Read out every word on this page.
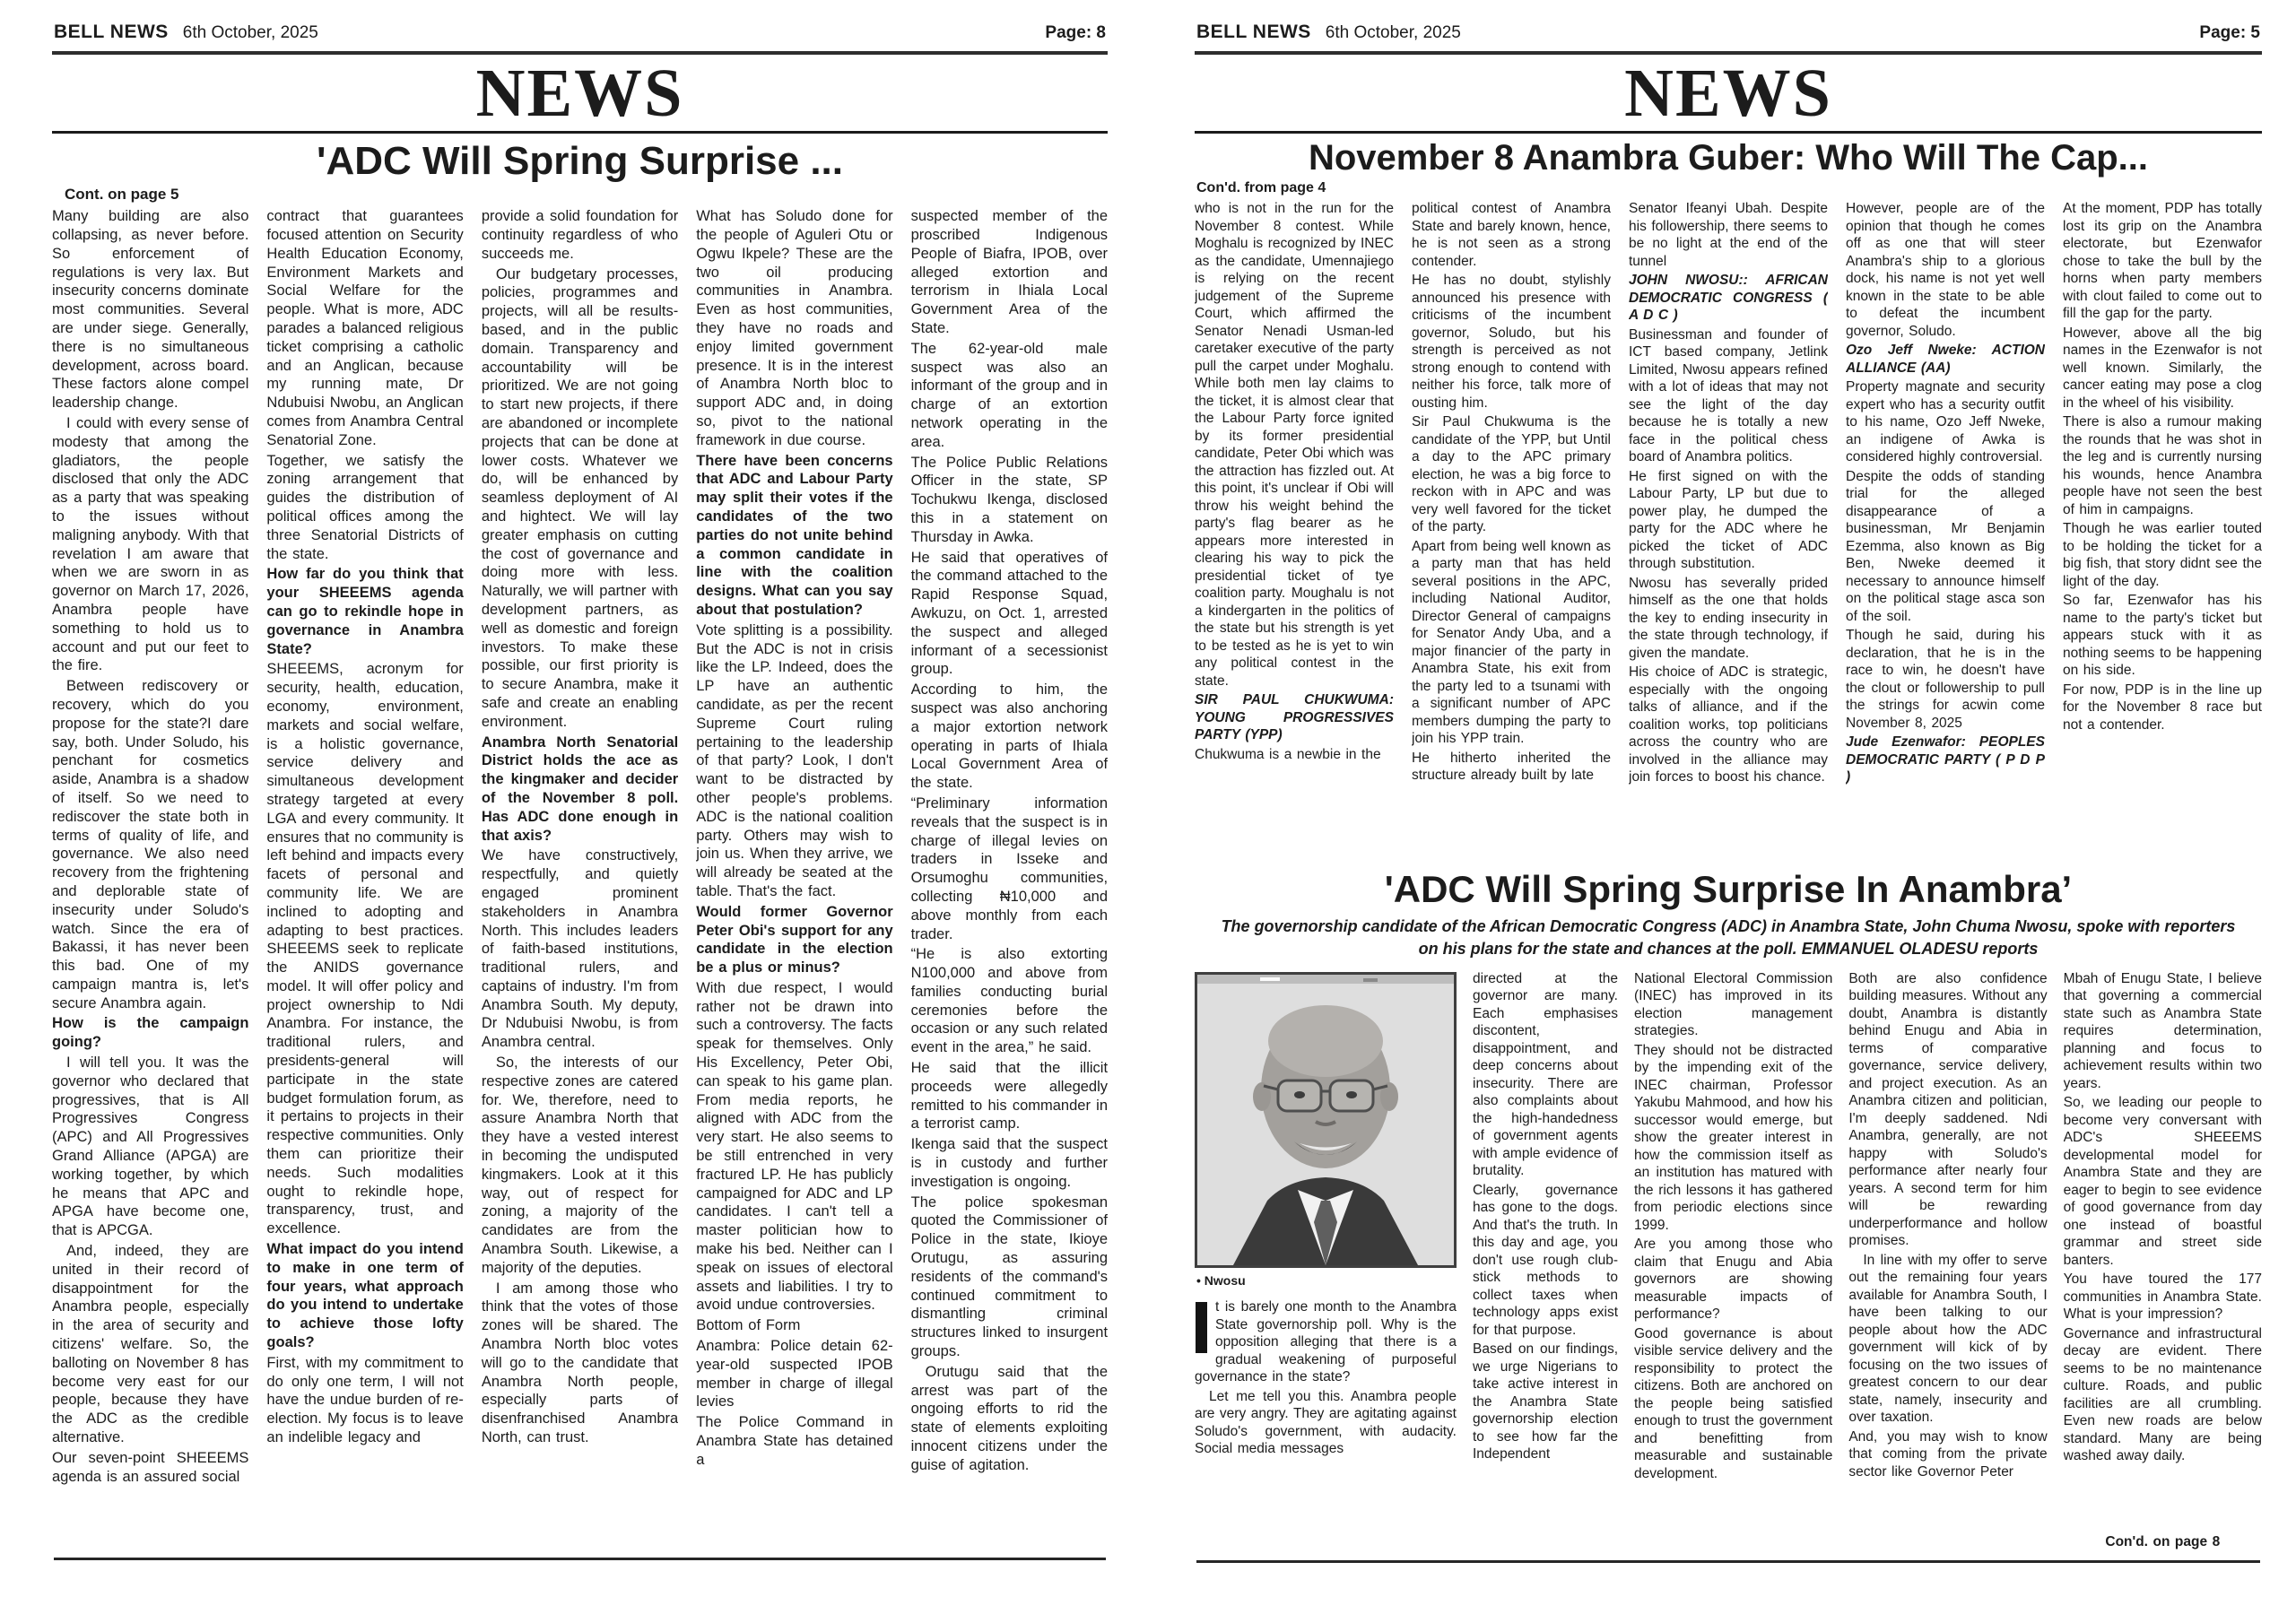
BELL NEWS 6th October, 2025	Page: 8
NEWS
'ADC Will Spring Surprise ...
Cont. on page 5

Many building are also collapsing, as never before. So enforcement of regulations is very lax. But insecurity concerns dominate most communities. Several are under siege. Generally, there is no simultaneous development, across board. These factors alone compel leadership change.

I could with every sense of modesty that among the gladiators, the people disclosed that only the ADC as a party that was speaking to the issues without maligning anybody. With that revelation I am aware that when we are sworn in as governor on March 17, 2026, Anambra people have something to hold us to account and put our feet to the fire.

Between rediscovery or recovery, which do you propose for the state?I dare say, both. Under Soludo, his penchant for cosmetics aside, Anambra is a shadow of itself. So we need to rediscover the state both in terms of quality of life, and governance. We also need recovery from the frightening and deplorable state of insecurity under Soludo's watch. Since the era of Bakassi, it has never been this bad. One of my campaign mantra is, let's secure Anambra again.

How is the campaign going?

I will tell you. It was the governor who declared that progressives, that is All Progressives Congress (APC) and All Progressives Grand Alliance (APGA) are working together, by which he means that APC and APGA have become one, that is APCGA.

And, indeed, they are united in their record of disappointment for the Anambra people, especially in the area of security and citizens' welfare. So, the balloting on November 8 has become very east for our people, because they have the ADC as the credible alternative.

Our seven-point SHEEEMS agenda is an assured social

contract that guarantees focused attention on Security Health Education Economy, Environment Markets and Social Welfare for the people. What is more, ADC parades a balanced religious ticket comprising a catholic and an Anglican, because my running mate, Dr Ndubuisi Nwobu, an Anglican comes from Anambra Central Senatorial Zone.

Together, we satisfy the zoning arrangement that guides the distribution of political offices among the three Senatorial Districts of the state.

How far do you think that your SHEEEMS agenda can go to rekindle hope in governance in Anambra State?

SHEEEMS, acronym for security, health, education, economy, environment, markets and social welfare, is a holistic governance, service delivery and simultaneous development strategy targeted at every LGA and every community. It ensures that no community is left behind and impacts every facets of personal and community life. We are inclined to adopting and adapting to best practices. SHEEEMS seek to replicate the ANIDS governance model. It will offer policy and project ownership to Ndi Anambra. For instance, the traditional rulers, and presidents-general will participate in the state budget formulation forum, as it pertains to projects in their respective communities. Only them can prioritize their needs. Such modalities ought to rekindle hope, transparency, trust, and excellence.

What impact do you intend to make in one term of four years, what approach do you intend to undertake to achieve those lofty goals?

First, with my commitment to do only one term, I will not have the undue burden of re-election. My focus is to leave an indelible legacy and

provide a solid foundation for continuity regardless of who succeeds me.

Our budgetary processes, policies, programmes and projects, will all be results-based, and in the public domain. Transparency and accountability will be prioritized. We are not going to start new projects, if there are abandoned or incomplete projects that can be done at lower costs. Whatever we do, will be enhanced by seamless deployment of AI and hightect. We will lay greater emphasis on cutting the cost of governance and doing more with less. Naturally, we will partner with development partners, as well as domestic and foreign investors. To make these possible, our first priority is to secure Anambra, make it safe and create an enabling environment.

Anambra North Senatorial District holds the ace as the kingmaker and decider of the November 8 poll. Has ADC done enough in that axis?

We have constructively, respectfully, and quietly engaged prominent stakeholders in Anambra North. This includes leaders of faith-based institutions, traditional rulers, and captains of industry. I'm from Anambra South. My deputy, Dr Ndubuisi Nwobu, is from Anambra central.

So, the interests of our respective zones are catered for. We, therefore, need to assure Anambra North that they have a vested interest in becoming the undisputed kingmakers. Look at it this way, out of respect for zoning, a majority of the candidates are from the Anambra South. Likewise, a majority of the deputies.

I am among those who think that the votes of those zones will be shared. The Anambra North bloc votes will go to the candidate that Anambra North people, especially parts of disenfranchised Anambra North, can trust.

What has Soludo done for the people of Aguleri Otu or Ogwu Ikpele? These are the two oil producing communities in Anambra. Even as host communities, they have no roads and enjoy limited government presence. It is in the interest of Anambra North bloc to support ADC and, in doing so, pivot to the national framework in due course.

There have been concerns that ADC and Labour Party may split their votes if the candidates of the two parties do not unite behind a common candidate in line with the coalition designs. What can you say about that postulation?

Vote splitting is a possibility. But the ADC is not in crisis like the LP. Indeed, does the LP have an authentic candidate, as per the recent Supreme Court ruling pertaining to the leadership of that party? Look, I don't want to be distracted by other people's problems. ADC is the national coalition party. Others may wish to join us. When they arrive, we will already be seated at the table. That's the fact.

Would former Governor Peter Obi's support for any candidate in the election be a plus or minus?

With due respect, I would rather not be drawn into such a controversy. The facts speak for themselves. Only His Excellency, Peter Obi, can speak to his game plan. From media reports, he aligned with ADC from the very start. He also seems to be still entrenched in very fractured LP. He has publicly campaigned for ADC and LP candidates. I can't tell a master politician how to make his bed. Neither can I speak on issues of electoral assets and liabilities. I try to avoid undue controversies.

Bottom of Form

Anambra: Police detain 62-year-old suspected IPOB member in charge of illegal levies

The Police Command in Anambra State has detained a

suspected member of the proscribed Indigenous People of Biafra, IPOB, over alleged extortion and terrorism in Ihiala Local Government Area of the State.

The 62-year-old male suspect was also an informant of the group and in charge of an extortion network operating in the area.

The Police Public Relations Officer in the state, SP Tochukwu Ikenga, disclosed this in a statement on Thursday in Awka.

He said that operatives of the command attached to the Rapid Response Squad, Awkuzu, on Oct. 1, arrested the suspect and alleged informant of a secessionist group.

According to him, the suspect was also anchoring a major extortion network operating in parts of Ihiala Local Government Area of the state.

“Preliminary information reveals that the suspect is in charge of illegal levies on traders in Isseke and Orsumoghu communities, collecting ₦10,000 and above monthly from each trader.

“He is also extorting N100,000 and above from families conducting burial ceremonies before the occasion or any such related event in the area,” he said.

He said that the illicit proceeds were allegedly remitted to his commander in a terrorist camp.

Ikenga said that the suspect is in custody and further investigation is ongoing.

The police spokesman quoted the Commissioner of Police in the state, Ikioye Orutugu, as assuring residents of the command's continued commitment to dismantling criminal structures linked to insurgent groups.

Orutugu said that the arrest was part of the ongoing efforts to rid the state of elements exploiting innocent citizens under the guise of agitation.

BELL NEWS 6th October, 2025	Page: 5
NEWS
November 8 Anambra Guber: Who Will The Cap...
Con'd. from page 4

who is not in the run for the November 8 contest. While Moghalu is recognized by INEC as the candidate, Umennajiego is relying on the recent judgement of the Supreme Court, which affirmed the Senator Nenadi Usman-led caretaker executive of the party pull the carpet under Moghalu. While both men lay claims to the ticket, it is almost clear that the Labour Party force ignited by its former presidential candidate, Peter Obi which was the attraction has fizzled out. At this point, it's unclear if Obi will throw his weight behind the party's flag bearer as he appears more interested in clearing his way to pick the presidential ticket of tye coalition party. Moughalu is not a kindergarten in the politics of the state but his strength is yet to be tested as he is yet to win any political contest in the state.

SIR PAUL CHUKWUMA: YOUNG PROGRESSIVES PARTY (YPP)

Chukwuma is a newbie in the

political contest of Anambra State and barely known, hence, he is not seen as a strong contender.

He has no doubt, stylishly announced his presence with criticisms of the incumbent governor, Soludo, but his strength is perceived as not strong enough to contend with neither his force, talk more of ousting him.

Sir Paul Chukwuma is the candidate of the YPP, but Until a day to the APC primary election, he was a big force to reckon with in APC and was very well favored for the ticket of the party.

Apart from being well known as a party man that has held several positions in the APC, including National Auditor, Director General of campaigns for Senator Andy Uba, and a major financier of the party in Anambra State, his exit from the party led to a tsunami with a significant number of APC members dumping the party to join his YPP train.

He hitherto inherited the structure already built by late

Senator Ifeanyi Ubah. Despite his followership, there seems to be no light at the end of the tunnel

JOHN NWOSU:: AFRICAN DEMOCRATIC CONGRESS ( A D C )

Businessman and founder of ICT based company, Jetlink Limited, Nwosu appears refined with a lot of ideas that may not see the light of the day because he is totally a new face in the political chess board of Anambra politics.

He first signed on with the Labour Party, LP but due to power play, he dumped the party for the ADC where he picked the ticket of ADC through substitution.

Nwosu has severally prided himself as the one that holds the key to ending insecurity in the state through technology, if given the mandate.

His choice of ADC is strategic, especially with the ongoing talks of alliance, and if the coalition works, top politicians across the country who are involved in the alliance may join forces to boost his chance.

However, people are of the opinion that though he comes off as one that will steer Anambra's ship to a glorious dock, his name is not yet well known in the state to be able to defeat the incumbent governor, Soludo.

Ozo Jeff Nweke: ACTION ALLIANCE (AA)

Property magnate and security expert who has a security outfit to his name, Ozo Jeff Nweke, an indigene of Awka is considered highly controversial.

Despite the odds of standing trial for the alleged disappearance of a businessman, Mr Benjamin Ezemma, also known as Big Ben, Nweke deemed it necessary to announce himself on the political stage asca son of the soil.

Though he said, during his declaration, that he is in the race to win, he doesn't have the clout or followership to pull the strings for acwin come November 8, 2025

Jude Ezenwafor: PEOPLES DEMOCRATIC PARTY ( P D P )

At the moment, PDP has totally lost its grip on the Anambra electorate, but Ezenwafor chose to take the bull by the horns when party members with clout failed to come out to fill the gap for the party.

However, above all the big names in the Ezenwafor is not well known. Similarly, the cancer eating may pose a clog in the wheel of his visibility.

There is also a rumour making the rounds that he was shot in the leg and is currently nursing his wounds, hence Anambra people have not seen the best of him in campaigns.

Though he was earlier touted to be holding the ticket for a big fish, that story didnt see the light of the day.

So far, Ezenwafor has his name to the party's ticket but appears stuck with it as nothing seems to be happening on his side.

For now, PDP is in the line up for the November 8 race but not a contender.

'ADC Will Spring Surprise In Anambra’
The governorship candidate of the African Democratic Congress (ADC) in Anambra State, John Chuma Nwosu, spoke with reporters on his plans for the state and chances at the poll. EMMANUEL OLADESU reports
• Nwosu

t is barely one month to the Anambra State governorship poll. Why is the opposition alleging that there is a gradual weakening of purposeful governance in the state?

Let me tell you this. Anambra people are very angry. They are agitating against Soludo's government, with audacity. Social media messages

directed at the governor are many. Each emphasises discontent, disappointment, and deep concerns about insecurity. There are also complaints about the high-handedness of government agents with ample evidence of brutality.

Clearly, governance has gone to the dogs. And that's the truth. In this day and age, you don't use rough club-stick methods to collect taxes when technology apps exist for that purpose.

Based on our findings, we urge Nigerians to take active interest in the Anambra State governorship election to see how far the Independent

National Electoral Commission (INEC) has improved in its election management strategies.

They should not be distracted by the impending exit of the INEC chairman, Professor Yakubu Mahmood, and how his successor would emerge, but show the greater interest in how the commission itself as an institution has matured with the rich lessons it has gathered from periodic elections since 1999.

Are you among those who claim that Enugu and Abia governors are showing measurable impacts of performance?

Good governance is about visible service delivery and the responsibility to protect the citizens. Both are anchored on the people being satisfied enough to trust the government and benefitting from measurable and sustainable development.

Both are also confidence building measures. Without any doubt, Anambra is distantly behind Enugu and Abia in terms of comparative governance, service delivery, and project execution. As an Anambra citizen and politician, I'm deeply saddened. Ndi Anambra, generally, are not happy with Soludo's performance after nearly four years. A second term for him will be rewarding underperformance and hollow promises.

In line with my offer to serve out the remaining four years available for Anambra South, I have been talking to our people about how the ADC government will kick of by focusing on the two issues of greatest concern to our dear state, namely, insecurity and over taxation.

And, you may wish to know that coming from the private sector like Governor Peter

Mbah of Enugu State, I believe that governing a commercial state such as Anambra State requires determination, planning and focus to achievement results within two years.

So, we leading our people to become very conversant with ADC's SHEEEMS developmental model for Anambra State and they are eager to begin to see evidence of good governance from day one instead of boastful grammar and street side banters.

You have toured the 177 communities in Anambra State. What is your impression?

Governance and infrastructural decay are evident. There seems to be no maintenance culture. Roads, and public facilities are all crumbling. Even new roads are below standard. Many are being washed away daily.

Con'd. on page 8
